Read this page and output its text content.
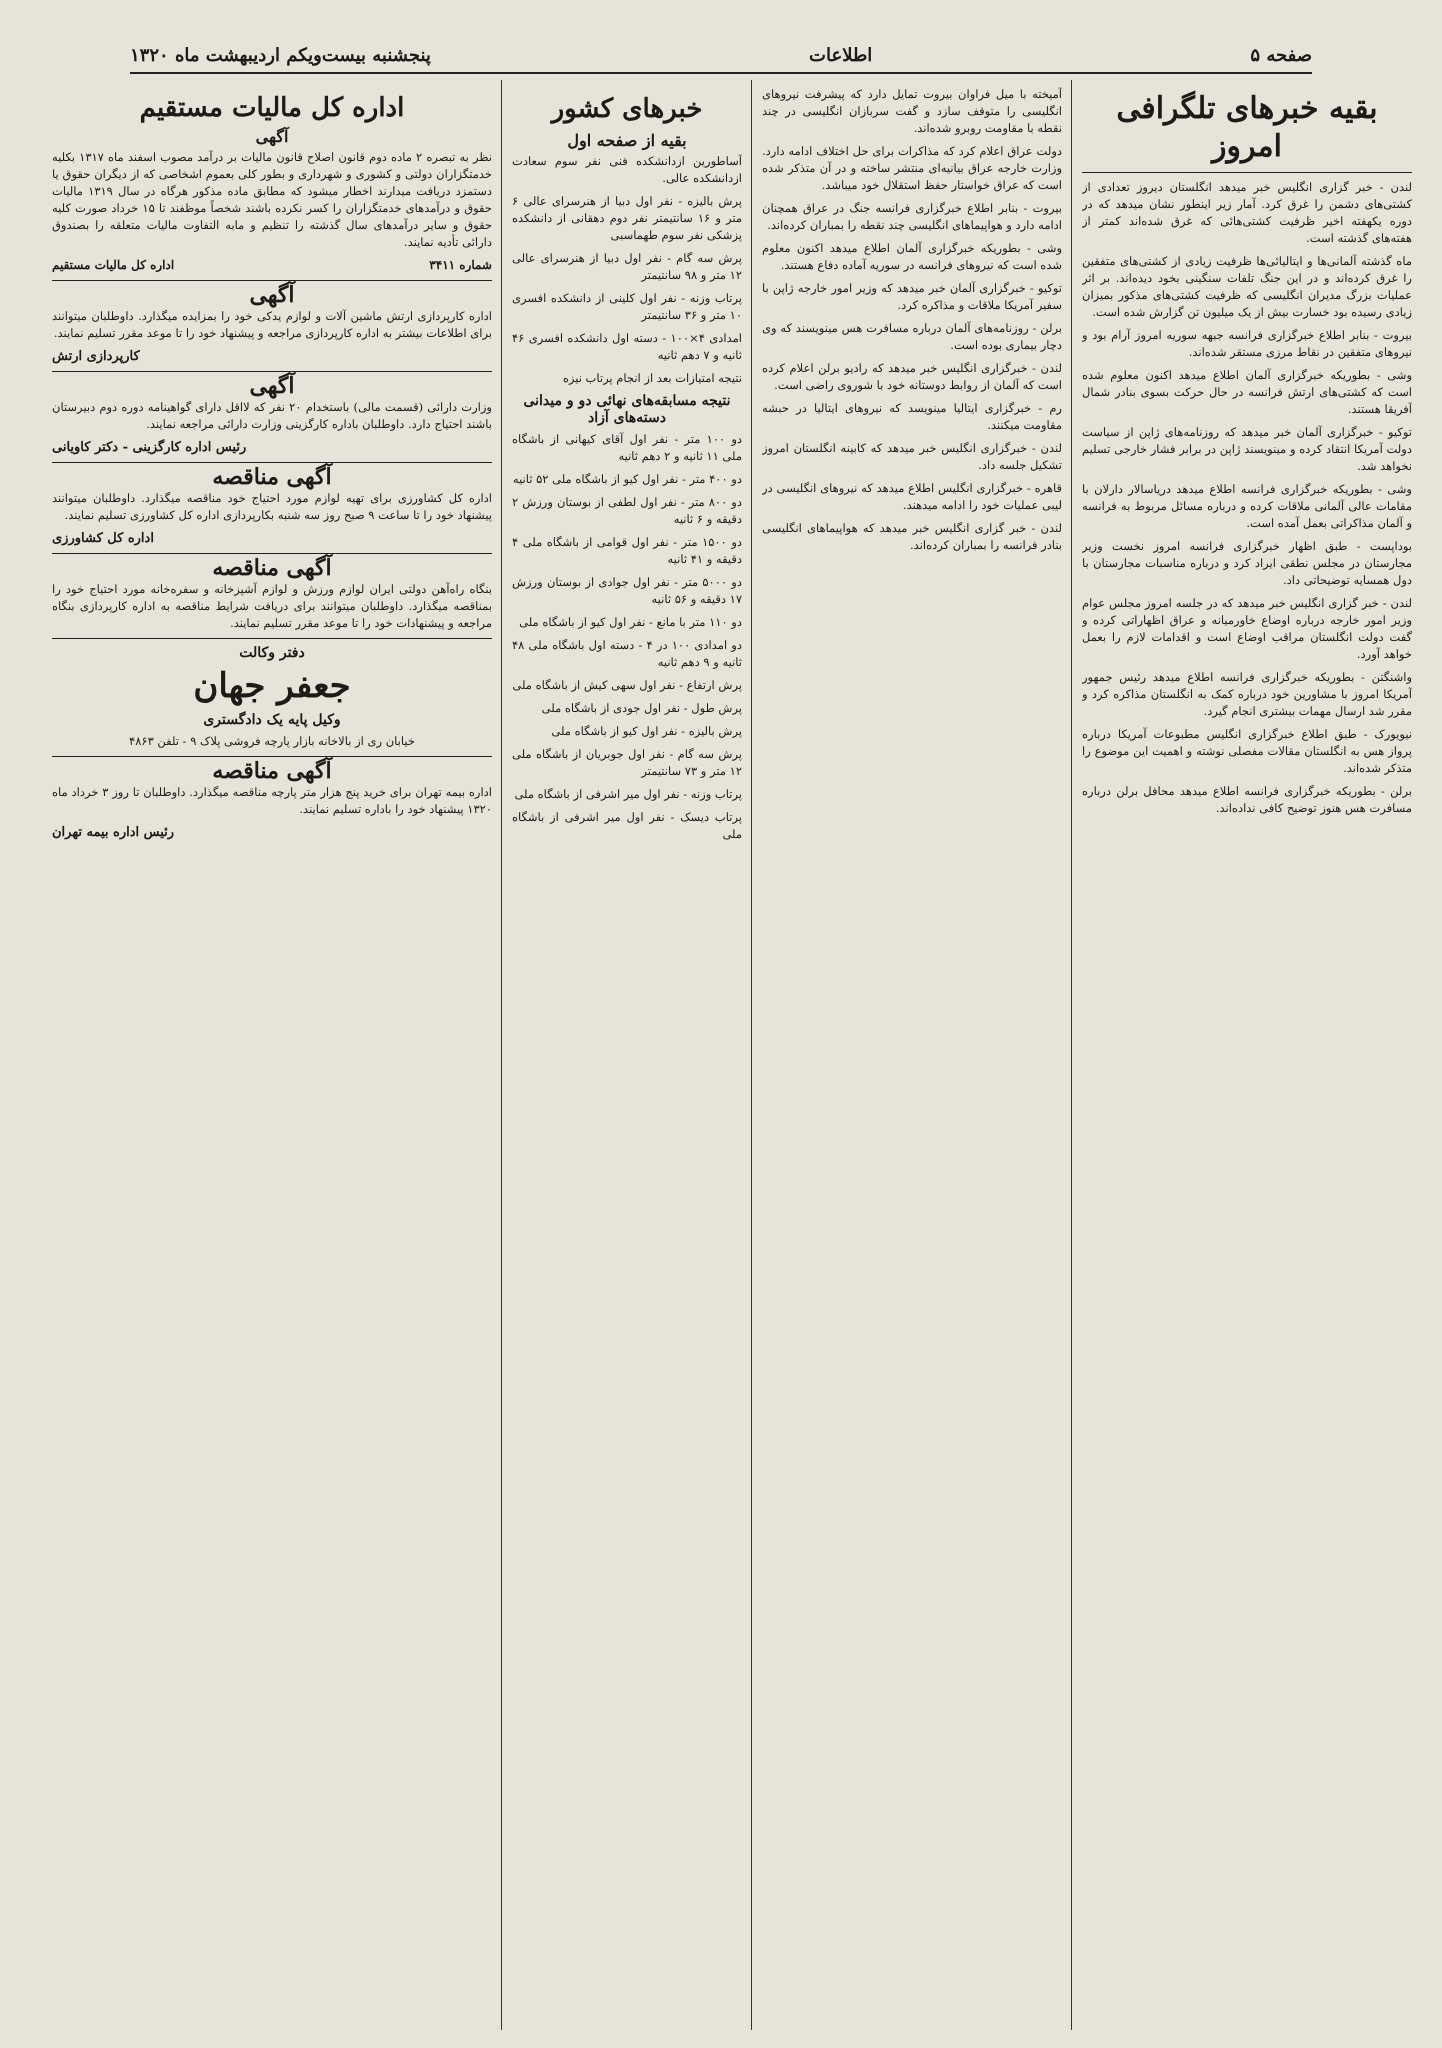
صفحه ۵
اطلاعات
پنجشنبه بیست‌ویکم اردیبهشت ماه ۱۳۲۰
بقیه خبرهای تلگرافی امروز

لندن - خبر گزاری انگلیس خبر میدهد انگلستان دیروز تعدادی از کشتی‌های دشمن را غرق کرد. آمار زیر اینطور نشان میدهد که در دوره یکهفته اخیر ظرفیت کشتی‌هائی که غرق شده‌اند کمتر از هفته‌های گذشته است.

ماه گذشته آلمانی‌ها و ایتالیائی‌ها ظرفیت زیادی از کشتی‌های متفقین را غرق کرده‌اند و در این جنگ تلفات سنگینی بخود دیده‌اند. بر اثر عملیات بزرگ مدیران انگلیسی که ظرفیت کشتی‌های مذکور بمیزان زیادی رسیده بود خسارت بیش از یک میلیون تن گزارش شده است.

بیروت - بنابر اطلاع خبرگزاری فرانسه جبهه سوریه امروز آرام بود و نیروهای متفقین در نقاط مرزی مستقر شده‌اند.

وشی - بطوریکه خبرگزاری آلمان اطلاع میدهد اکنون معلوم شده است که کشتی‌های ارتش فرانسه در حال حرکت بسوی بنادر شمال آفریقا هستند.

توکیو - خبرگزاری آلمان خبر میدهد که روزنامه‌های ژاپن از سیاست دولت آمریکا انتقاد کرده و مینویسند ژاپن در برابر فشار خارجی تسلیم نخواهد شد.

وشی - بطوریکه خبرگزاری فرانسه اطلاع میدهد دریاسالار دارلان با مقامات عالی آلمانی ملاقات کرده و درباره مسائل مربوط به فرانسه و آلمان مذاکراتی بعمل آمده است.

بوداپست - طبق اظهار خبرگزاری فرانسه امروز نخست وزیر مجارستان در مجلس نطقی ایراد کرد و درباره مناسبات مجارستان با دول همسایه توضیحاتی داد.

لندن - خبر گزاری انگلیس خبر میدهد که در جلسه امروز مجلس عوام وزیر امور خارجه درباره اوضاع خاورمیانه و عراق اظهاراتی کرده و گفت دولت انگلستان مراقب اوضاع است و اقدامات لازم را بعمل خواهد آورد.

واشنگتن - بطوریکه خبرگزاری فرانسه اطلاع میدهد رئیس جمهور آمریکا امروز با مشاورین خود درباره کمک به انگلستان مذاکره کرد و مقرر شد ارسال مهمات بیشتری انجام گیرد.

نیویورک - طبق اطلاع خبرگزاری انگلیس مطبوعات آمریکا درباره پرواز هس به انگلستان مقالات مفصلی نوشته و اهمیت این موضوع را متذکر شده‌اند.

برلن - بطوریکه خبرگزاری فرانسه اطلاع میدهد محافل برلن درباره مسافرت هس هنوز توضیح کافی نداده‌اند.

آمیخته با میل فراوان بیروت تمایل دارد که پیشرفت نیروهای انگلیسی را متوقف سازد و گفت سربازان انگلیسی در چند نقطه با مقاومت روبرو شده‌اند.

دولت عراق اعلام کرد که مذاکرات برای حل اختلاف ادامه دارد. وزارت خارجه عراق بیانیه‌ای منتشر ساخته و در آن متذکر شده است که عراق خواستار حفظ استقلال خود میباشد.

بیروت - بنابر اطلاع خبرگزاری فرانسه جنگ در عراق همچنان ادامه دارد و هواپیماهای انگلیسی چند نقطه را بمباران کرده‌اند.

وشی - بطوریکه خبرگزاری آلمان اطلاع میدهد اکنون معلوم شده است که نیروهای فرانسه در سوریه آماده دفاع هستند.

توکیو - خبرگزاری آلمان خبر میدهد که وزیر امور خارجه ژاپن با سفیر آمریکا ملاقات و مذاکره کرد.

برلن - روزنامه‌های آلمان درباره مسافرت هس مینویسند که وی دچار بیماری بوده است.

لندن - خبرگزاری انگلیس خبر میدهد که رادیو برلن اعلام کرده است که آلمان از روابط دوستانه خود با شوروی راضی است.

رم - خبرگزاری ایتالیا مینویسد که نیروهای ایتالیا در حبشه مقاومت میکنند.

لندن - خبرگزاری انگلیس خبر میدهد که کابینه انگلستان امروز تشکیل جلسه داد.

قاهره - خبرگزاری انگلیس اطلاع میدهد که نیروهای انگلیسی در لیبی عملیات خود را ادامه میدهند.

لندن - خبر گزاری انگلیس خبر میدهد که هواپیماهای انگلیسی بنادر فرانسه را بمباران کرده‌اند.

خبرهای کشور
بقیه از صفحه اول

آساطورین ازدانشکده فنی نفر سوم سعادت ازدانشکده عالی.

پرش بالیزه - نفر اول دبیا از هنرسرای عالی ۶ متر و ۱۶ سانتیمتر نفر دوم دهقانی از دانشکده پزشکی نفر سوم طهماسبی

پرش سه گام - نفر اول دبیا از هنرسرای عالی ۱۲ متر و ۹۸ سانتیمتر

پرتاب وزنه - نفر اول کلینی از دانشکده افسری ۱۰ متر و ۳۶ سانتیمتر

امدادی ۴×۱۰۰ - دسته اول دانشکده افسری ۴۶ ثانیه و ۷ دهم ثانیه

نتیجه امتیازات بعد از انجام پرتاب نیزه

نتیجه مسابقه‌های نهائی دو و میدانی دسته‌های آزاد

دو ۱۰۰ متر - نفر اول آقای کیهانی از باشگاه ملی ۱۱ ثانیه و ۲ دهم ثانیه

دو ۴۰۰ متر - نفر اول کیو از باشگاه ملی ۵۲ ثانیه

دو ۸۰۰ متر - نفر اول لطفی از بوستان ورزش ۲ دقیقه و ۶ ثانیه

دو ۱۵۰۰ متر - نفر اول قوامی از باشگاه ملی ۴ دقیقه و ۴۱ ثانیه

دو ۵۰۰۰ متر - نفر اول جوادی از بوستان ورزش ۱۷ دقیقه و ۵۶ ثانیه

دو ۱۱۰ متر با مانع - نفر اول کیو از باشگاه ملی

دو امدادی ۱۰۰ در ۴ - دسته اول باشگاه ملی ۴۸ ثانیه و ۹ دهم ثانیه

پرش ارتفاع - نفر اول سهی کیش از باشگاه ملی

پرش طول - نفر اول جودی از باشگاه ملی

پرش بالیزه - نفر اول کیو از باشگاه ملی

پرش سه گام - نفر اول جوبریان از باشگاه ملی ۱۲ متر و ۷۳ سانتیمتر

پرتاب وزنه - نفر اول میر اشرفی از باشگاه ملی

پرتاب دیسک - نفر اول میر اشرفی از باشگاه ملی

اداره کل مالیات مستقیم
آگهی

نظر به تبصره ۲ ماده دوم قانون اصلاح قانون مالیات بر درآمد مصوب اسفند ماه ۱۳۱۷ بکلیه خدمتگزاران دولتی و کشوری و شهرداری و بطور کلی بعموم اشخاصی که از دیگران حقوق یا دستمزد دریافت میدارند اخطار میشود که مطابق ماده مذکور هرگاه در سال ۱۳۱۹ مالیات حقوق و درآمدهای خدمتگزاران را کسر نکرده باشند شخصاً موظفند تا ۱۵ خرداد صورت کلیه حقوق و سایر درآمدهای سال گذشته را تنظیم و مابه التفاوت مالیات متعلقه را بصندوق دارائی تأدیه نمایند.

شماره ۳۴۱۱
اداره کل مالیات مستقیم
آگهی

اداره کارپردازی ارتش ماشین آلات و لوازم یدکی خود را بمزایده میگذارد. داوطلبان میتوانند برای اطلاعات بیشتر به اداره کارپردازی مراجعه و پیشنهاد خود را تا موعد مقرر تسلیم نمایند.

کارپردازی ارتش
آگهی

وزارت دارائی (قسمت مالی) باستخدام ۲۰ نفر که لااقل دارای گواهینامه دوره دوم دبیرستان باشند احتیاج دارد. داوطلبان باداره کارگزینی وزارت دارائی مراجعه نمایند.

رئیس اداره کارگزینی - دکتر کاویانی
آگهی مناقصه

اداره کل کشاورزی برای تهیه لوازم مورد احتیاج خود مناقصه میگذارد. داوطلبان میتوانند پیشنهاد خود را تا ساعت ۹ صبح روز سه شنبه بکارپردازی اداره کل کشاورزی تسلیم نمایند.

اداره کل کشاورزی
آگهی مناقصه

بنگاه راه‌آهن دولتی ایران لوازم ورزش و لوازم آشپزخانه و سفره‌خانه مورد احتیاج خود را بمناقصه میگذارد. داوطلبان میتوانند برای دریافت شرایط مناقصه به اداره کارپردازی بنگاه مراجعه و پیشنهادات خود را تا موعد مقرر تسلیم نمایند.

دفتر وکالت
جعفر جهان
وکیل پایه یک دادگستری

خیابان ری از بالاخانه بازار پارچه فروشی پلاک ۹ - تلفن ۴۸۶۳

آگهی مناقصه

اداره بیمه تهران برای خرید پنج هزار متر پارچه مناقصه میگذارد. داوطلبان تا روز ۳ خرداد ماه ۱۳۲۰ پیشنهاد خود را باداره تسلیم نمایند.

رئیس اداره بیمه تهران
